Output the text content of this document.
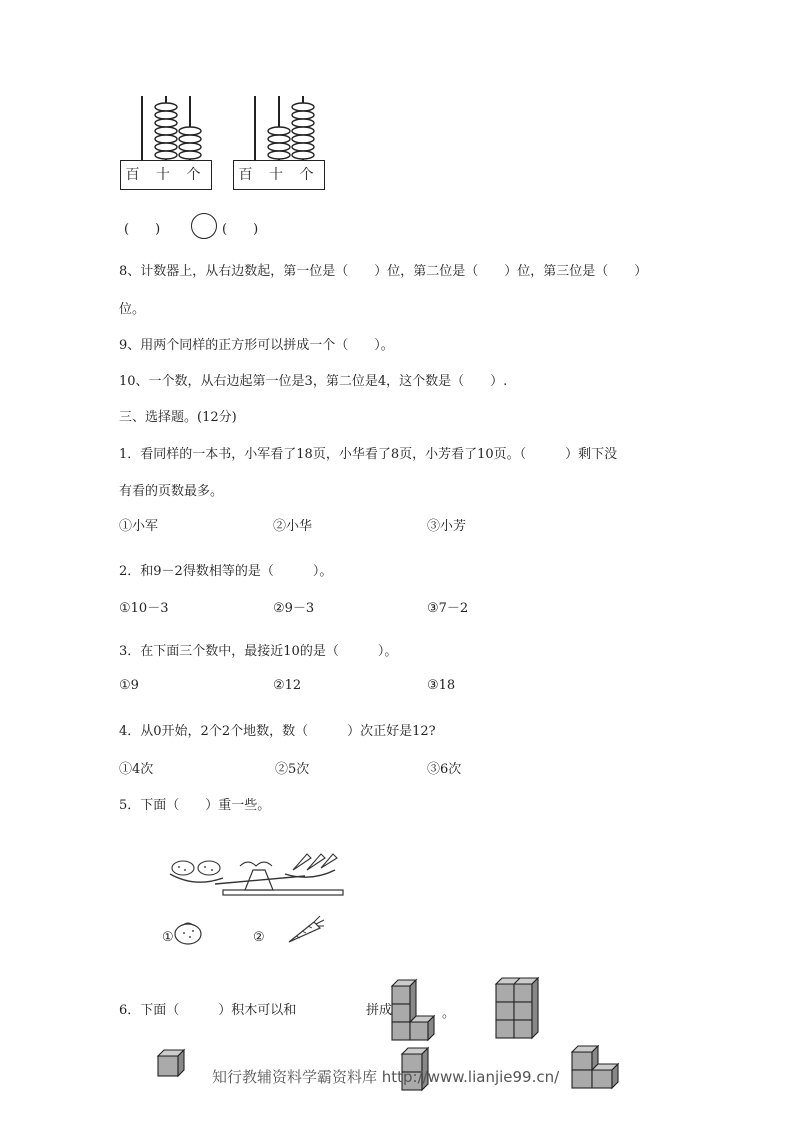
百 十 个	百 十 个
(　　)	(　　)
8、计数器上，从右边数起，第一位是（　　）位，第二位是（　　）位，第三位是（　　）
位。
9、用两个同样的正方形可以拼成一个（　　）。
10、一个数，从右边起第一位是3，第二位是4，这个数是（　　）.
三、选择题。(12分)
1．看同样的一本书，小军看了18页，小华看了8页，小芳看了10页。（　　　）剩下没
有看的页数最多。
①小军	②小华	③小芳
2．和9－2得数相等的是（　　　）。
①10－3	②9－3	③7－2
3．在下面三个数中，最接近10的是（　　　）。
①9	②12	③18
4．从0开始，2个2个地数，数（　　　）次正好是12?
①4次	②5次	③6次
5．下面（　　）重一些。
①	②
6．下面（　　　）积木可以和	拼成	。
知行教辅资料学霸资料库 http://www.lianjie99.cn/
